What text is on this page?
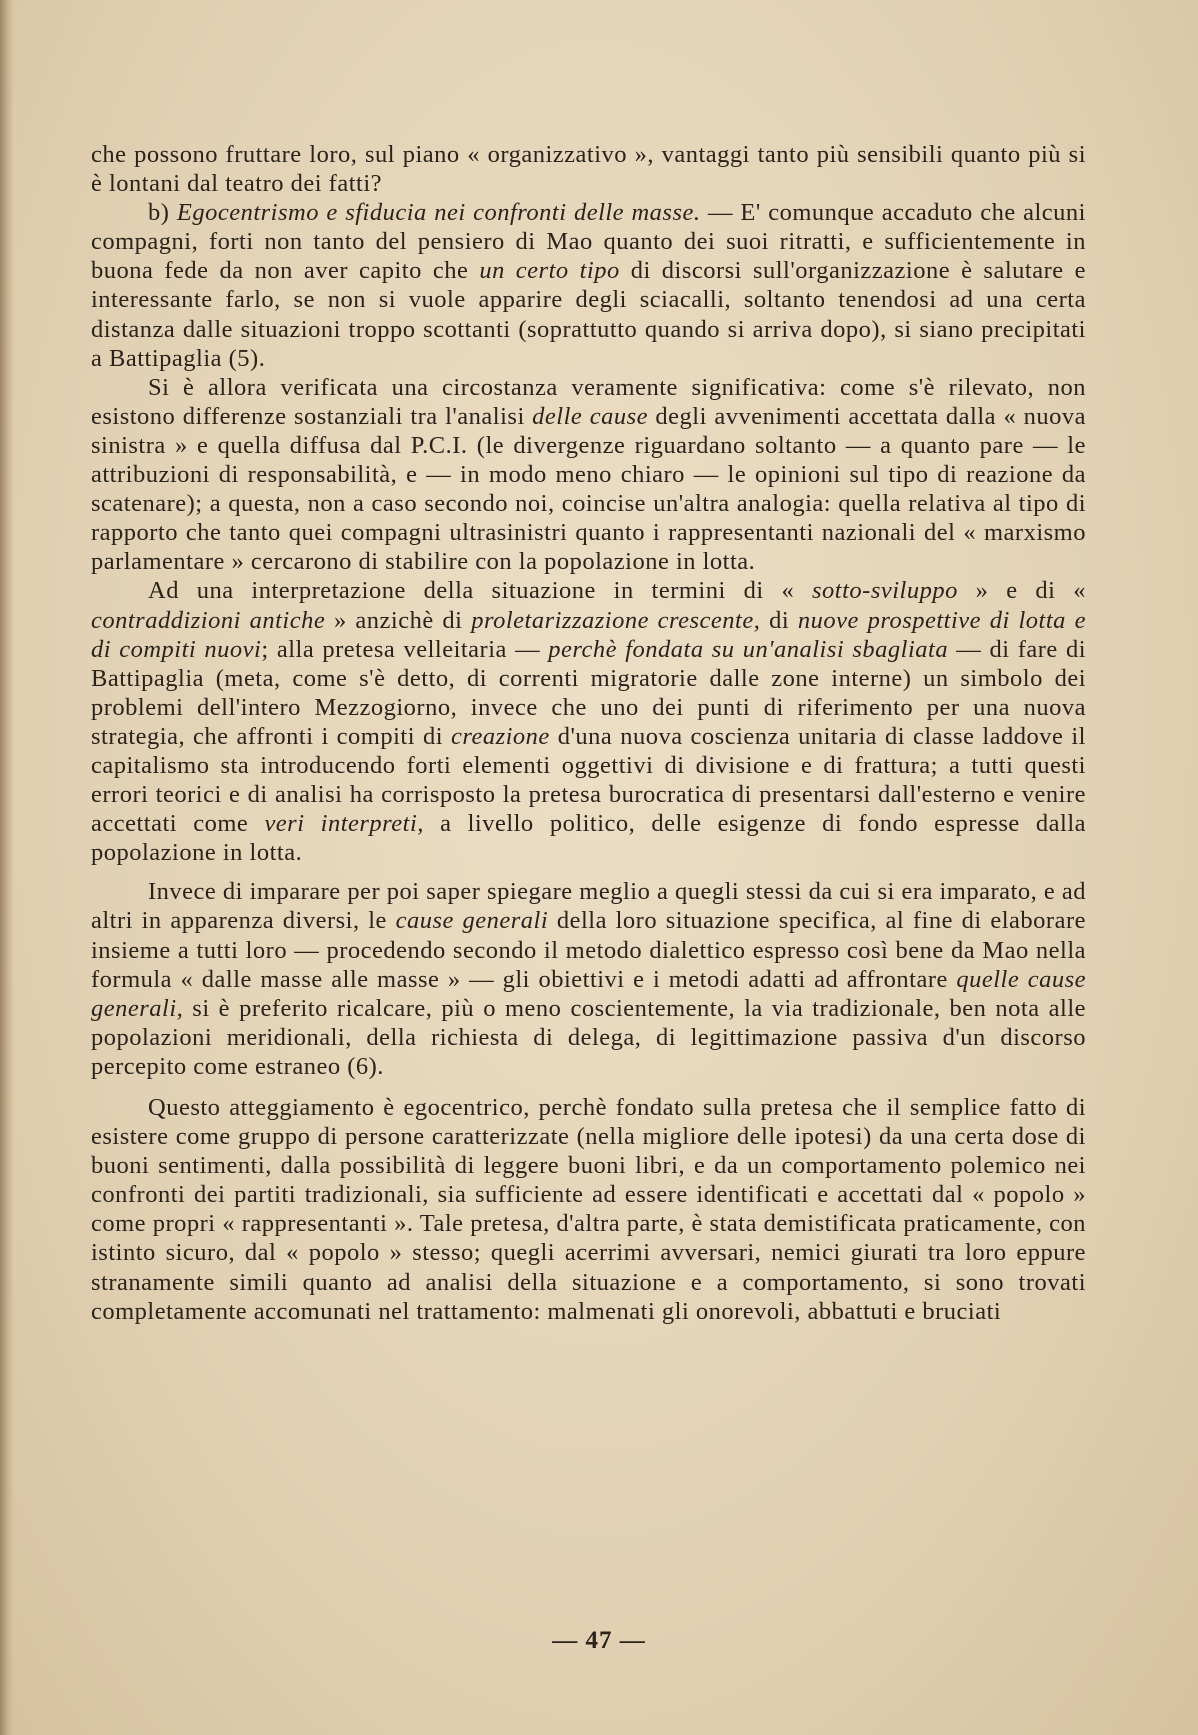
che possono fruttare loro, sul piano « organizzativo », vantaggi tanto più sensibili quanto più si è lontani dal teatro dei fatti?

b) Egocentrismo e sfiducia nei confronti delle masse. — E' comunque accaduto che alcuni compagni, forti non tanto del pensiero di Mao quanto dei suoi ritratti, e sufficientemente in buona fede da non aver capito che un certo tipo di discorsi sull'organizzazione è salutare e interessante farlo, se non si vuole apparire degli sciacalli, soltanto tenendosi ad una certa distanza dalle situazioni troppo scottanti (soprattutto quando si arriva dopo), si siano precipitati a Battipaglia (5).

Si è allora verificata una circostanza veramente significativa: come s'è rilevato, non esistono differenze sostanziali tra l'analisi delle cause degli avvenimenti accettata dalla « nuova sinistra » e quella diffusa dal P.C.I. (le divergenze riguardano soltanto — a quanto pare — le attribuzioni di responsabilità, e — in modo meno chiaro — le opinioni sul tipo di reazione da scatenare); a questa, non a caso secondo noi, coincise un'altra analogia: quella relativa al tipo di rapporto che tanto quei compagni ultrasinistri quanto i rappresentanti nazionali del « marxismo parlamentare » cercarono di stabilire con la popolazione in lotta.

Ad una interpretazione della situazione in termini di « sotto-sviluppo » e di « contraddizioni antiche » anzichè di proletarizzazione crescente, di nuove prospettive di lotta e di compiti nuovi; alla pretesa velleitaria — perchè fondata su un'analisi sbagliata — di fare di Battipaglia (meta, come s'è detto, di correnti migratorie dalle zone interne) un simbolo dei problemi dell'intero Mezzogiorno, invece che uno dei punti di riferimento per una nuova strategia, che affronti i compiti di creazione d'una nuova coscienza unitaria di classe laddove il capitalismo sta introducendo forti elementi oggettivi di divisione e di frattura; a tutti questi errori teorici e di analisi ha corrisposto la pretesa burocratica di presentarsi dall'esterno e venire accettati come veri interpreti, a livello politico, delle esigenze di fondo espresse dalla popolazione in lotta.

Invece di imparare per poi saper spiegare meglio a quegli stessi da cui si era imparato, e ad altri in apparenza diversi, le cause generali della loro situazione specifica, al fine di elaborare insieme a tutti loro — procedendo secondo il metodo dialettico espresso così bene da Mao nella formula « dalle masse alle masse » — gli obiettivi e i metodi adatti ad affrontare quelle cause generali, si è preferito ricalcare, più o meno coscientemente, la via tradizionale, ben nota alle popolazioni meridionali, della richiesta di delega, di legittimazione passiva d'un discorso percepito come estraneo (6).

Questo atteggiamento è egocentrico, perchè fondato sulla pretesa che il semplice fatto di esistere come gruppo di persone caratterizzate (nella migliore delle ipotesi) da una certa dose di buoni sentimenti, dalla possibilità di leggere buoni libri, e da un comportamento polemico nei confronti dei partiti tradizionali, sia sufficiente ad essere identificati e accettati dal « popolo » come propri « rappresentanti ». Tale pretesa, d'altra parte, è stata demistificata praticamente, con istinto sicuro, dal « popolo » stesso; quegli acerrimi avversari, nemici giurati tra loro eppure stranamente simili quanto ad analisi della situazione e a comportamento, si sono trovati completamente accomunati nel trattamento: malmenati gli onorevoli, abbattuti e bruciati

— 47 —
